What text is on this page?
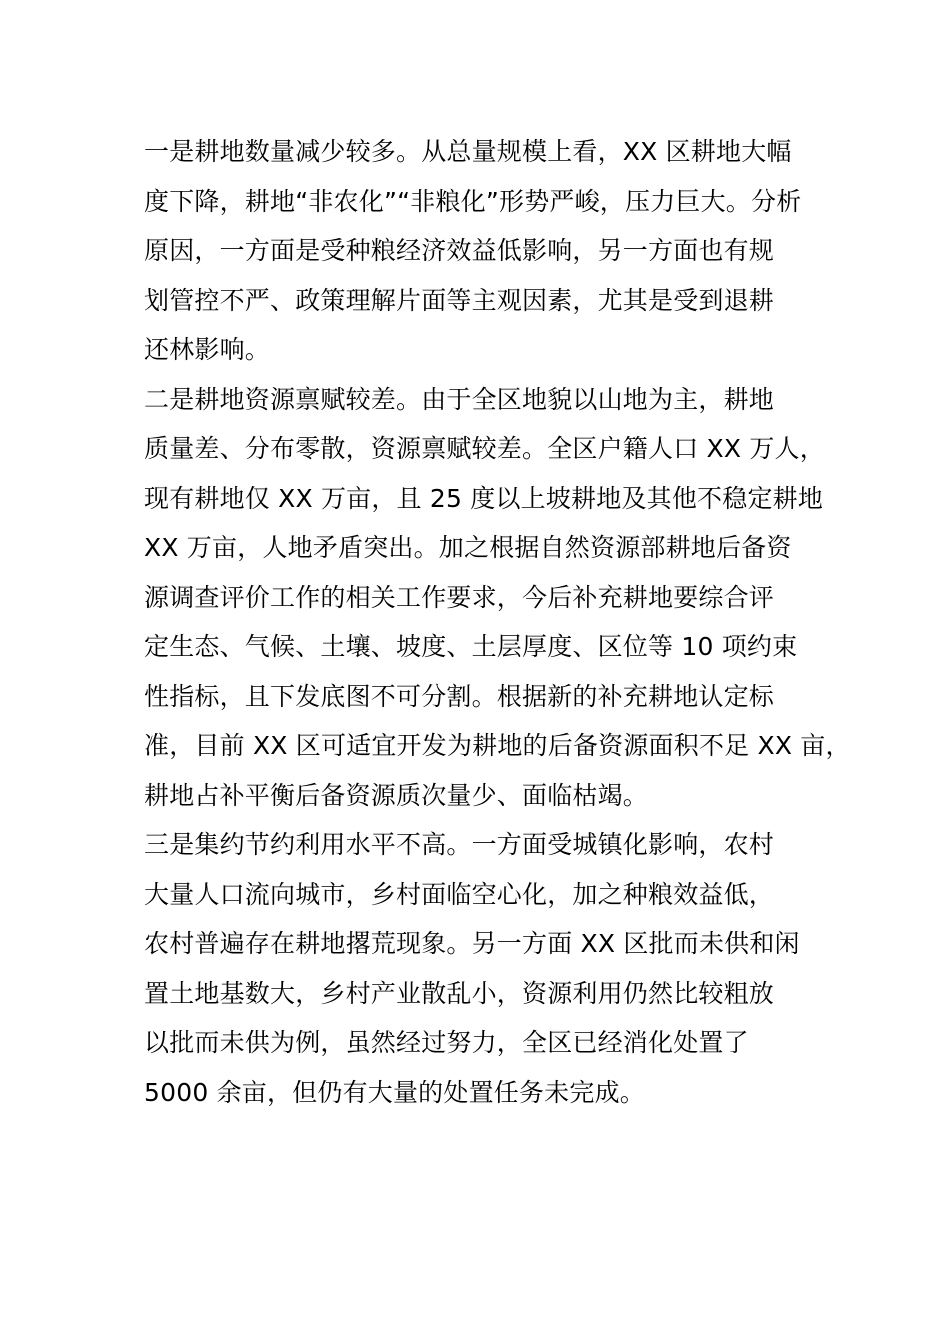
一是耕地数量减少较多。从总量规模上看，XX 区耕地大幅
度下降，耕地“非农化”“非粮化”形势严峻，压力巨大。分析
原因，一方面是受种粮经济效益低影响，另一方面也有规
划管控不严、政策理解片面等主观因素，尤其是受到退耕
还林影响。
二是耕地资源禀赋较差。由于全区地貌以山地为主，耕地
质量差、分布零散，资源禀赋较差。全区户籍人口 XX 万人，
现有耕地仅 XX 万亩，且 25 度以上坡耕地及其他不稳定耕地
XX 万亩，人地矛盾突出。加之根据自然资源部耕地后备资
源调查评价工作的相关工作要求，今后补充耕地要综合评
定生态、气候、土壤、坡度、土层厚度、区位等 10 项约束
性指标，且下发底图不可分割。根据新的补充耕地认定标
准，目前 XX 区可适宜开发为耕地的后备资源面积不足 XX 亩，
耕地占补平衡后备资源质次量少、面临枯竭。
三是集约节约利用水平不高。一方面受城镇化影响，农村
大量人口流向城市，乡村面临空心化，加之种粮效益低，
农村普遍存在耕地撂荒现象。另一方面 XX 区批而未供和闲
置土地基数大，乡村产业散乱小，资源利用仍然比较粗放
以批而未供为例，虽然经过努力，全区已经消化处置了
5000 余亩，但仍有大量的处置任务未完成。
